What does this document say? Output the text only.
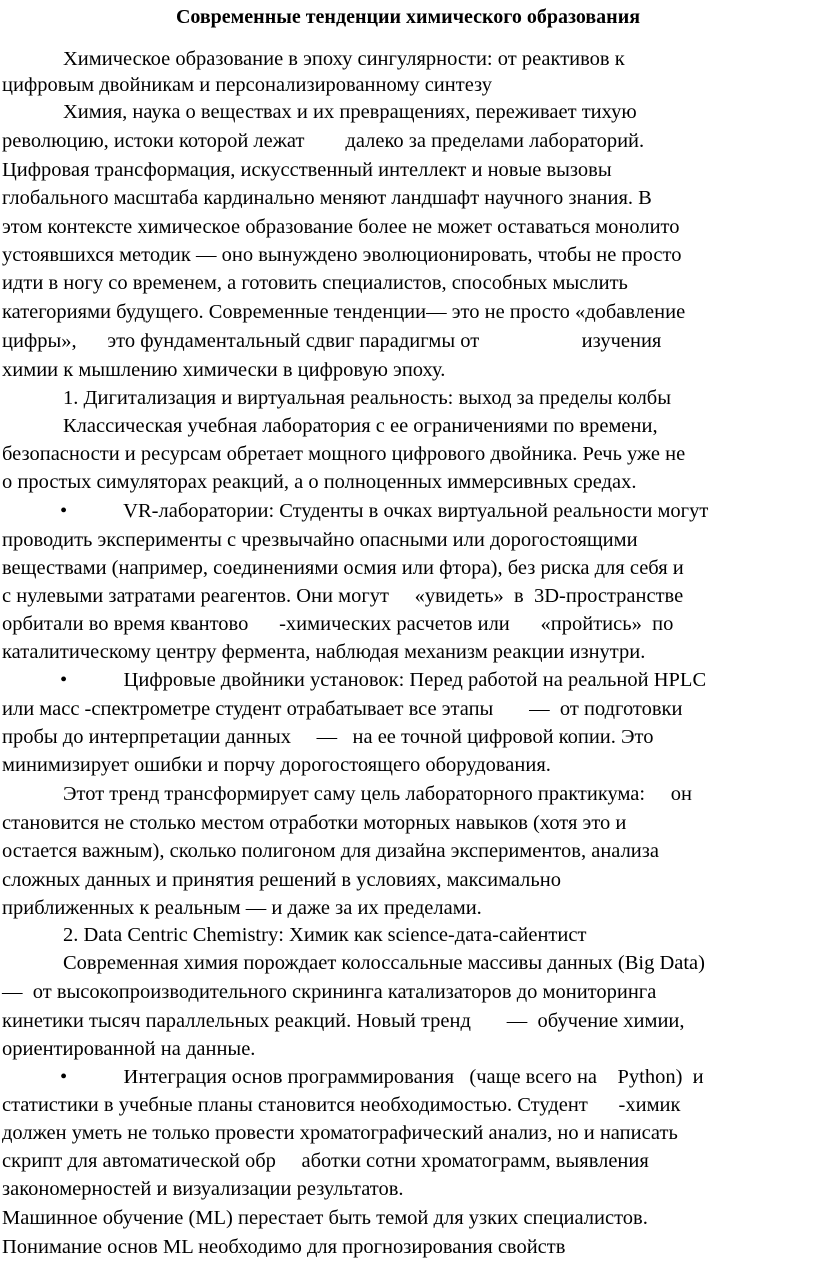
Современные тенденции химического образования
Химическое образование в эпоху сингулярности: от реактивов к
цифровым двойникам и персонализированному синтезу
Химия, наука о веществах и их превращениях, переживает тихую
революцию, истоки которой лежат        далеко за пределами лабораторий.
Цифровая трансформация, искусственный интеллект и новые вызовы
глобального масштаба кардинально меняют ландшафт научного знания. В
этом контексте химическое образование более не может оставаться монолито
устоявшихся методик — оно вынуждено эволюционировать, чтобы не просто
идти в ногу со временем, а готовить специалистов, способных мыслить
категориями будущего. Современные тенденции— это не просто «добавление
цифры»,      это фундаментальный сдвиг парадигмы от                    изучения
химии к мышлению химически в цифровую эпоху.
1. Дигитализация и виртуальная реальность: выход за пределы колбы
Классическая учебная лаборатория с ее ограничениями по времени,
безопасности и ресурсам обретает мощного цифрового двойника. Речь уже не
о простых симуляторах реакций, а о полноценных иммерсивных средах.
•           VR-лаборатории: Студенты в очках виртуальной реальности могут
проводить эксперименты с чрезвычайно опасными или дорогостоящими
веществами (например, соединениями осмия или фтора), без риска для себя и
с нулевыми затратами реагентов. Они могут     «увидеть»  в  3D-пространстве
орбитали во время квантово      -химических расчетов или      «пройтись»  по
каталитическому центру фермента, наблюдая механизм реакции изнутри.
•           Цифровые двойники установок: Перед работой на реальной HPLC
или масс -спектрометре студент отрабатывает все этапы       —  от подготовки
пробы до интерпретации данных     —   на ее точной цифровой копии. Это
минимизирует ошибки и порчу дорогостоящего оборудования.
Этот тренд трансформирует саму цель лабораторного практикума:     он
становится не столько местом отработки моторных навыков (хотя это и
остается важным), сколько полигоном для дизайна экспериментов, анализа
сложных данных и принятия решений в условиях, максимально
приближенных к реальным — и даже за их пределами.
2. Data Centric Chemistry: Химик как science-дата-сайентист
Современная химия порождает колоссальные массивы данных (Big Data)
—  от высокопроизводительного скрининга катализаторов до мониторинга
кинетики тысяч параллельных реакций. Новый тренд       —  обучение химии,
ориентированной на данные.
•           Интеграция основ программирования   (чаще всего на    Python)  и
статистики в учебные планы становится необходимостью. Студент      -химик
должен уметь не только провести хроматографический анализ, но и написать
скрипт для автоматической обр     аботки сотни хроматограмм, выявления
закономерностей и визуализации результатов.
Машинное обучение (ML) перестает быть темой для узких специалистов.
Понимание основ ML необходимо для прогнозирования свойств
